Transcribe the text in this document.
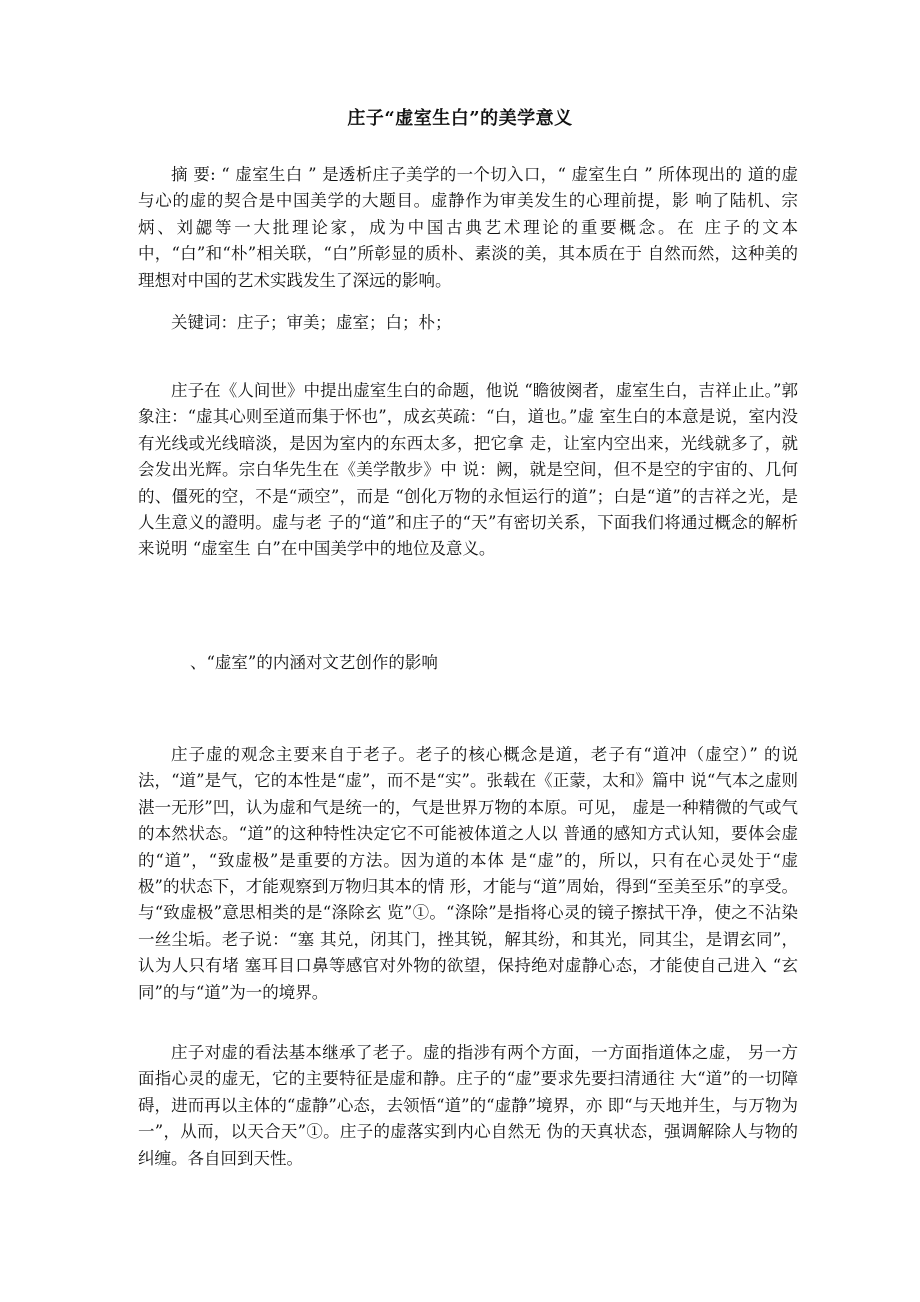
庄子“虚室生白”的美学意义

摘 要: “ 虚室生白 ” 是透析庄子美学的一个切入口，“ 虚室生白 ” 所体现出的 道的虚与心的虚的契合是中国美学的大题目。虚静作为审美发生的心理前提，影 响了陆机、宗炳、刘勰等一大批理论家，成为中国古典艺术理论的重要概念。在 庄子的文本中，“白”和“朴”相关联，“白”所彰显的质朴、素淡的美，其本质在于 自然而然，这种美的理想对中国的艺术实践发生了深远的影响。

关键词：庄子；审美；虚室；白；朴；

庄子在《人间世》中提出虚室生白的命题，他说 “瞻彼阕者，虚室生白，吉祥止止。”郭象注：“虚其心则至道而集于怀也”，成玄英疏：“白，道也。”虚 室生白的本意是说，室内没有光线或光线暗淡，是因为室内的东西太多，把它拿 走，让室内空出来，光线就多了，就会发出光辉。宗白华先生在《美学散步》中 说：阙，就是空间，但不是空的宇宙的、几何的、僵死的空，不是“顽空”，而是 “创化万物的永恒运行的道”；白是“道”的吉祥之光，是人生意义的證明。虚与老 子的“道”和庄子的“天”有密切关系，下面我们将通过概念的解析来说明 “虚室生 白”在中国美学中的地位及意义。

、“虚室”的内涵对文艺创作的影响

庄子虚的观念主要来自于老子。老子的核心概念是道，老子有“道冲（虚空）” 的说法，“道”是气，它的本性是“虚”，而不是“实”。张载在《正蒙，太和》篇中 说“气本之虚则湛一无形”凹，认为虚和气是统一的，气是世界万物的本原。可见， 虚是一种精微的气或气的本然状态。“道”的这种特性决定它不可能被体道之人以 普通的感知方式认知，要体会虚的“道”，“致虚极”是重要的方法。因为道的本体 是“虚”的，所以，只有在心灵处于“虚极”的状态下，才能观察到万物归其本的情 形，才能与“道”周始，得到“至美至乐”的享受。与“致虚极”意思相类的是“涤除玄 览”①。“涤除”是指将心灵的镜子擦拭干净，使之不沾染一丝尘垢。老子说：“塞 其兑，闭其门，挫其锐，解其纷，和其光，同其尘，是谓玄同”，认为人只有堵 塞耳目口鼻等感官对外物的欲望，保持绝对虚静心态，才能使自己进入 “玄同”的与“道”为一的境界。

庄子对虚的看法基本继承了老子。虚的指涉有两个方面，一方面指道体之虚， 另一方面指心灵的虚无，它的主要特征是虚和静。庄子的“虚”要求先要扫清通往 大“道”的一切障碍，进而再以主体的“虚静”心态，去领悟“道”的“虚静”境界，亦 即“与天地并生，与万物为一”，从而，以天合天”①。庄子的虚落实到内心自然无 伪的天真状态，强调解除人与物的纠缠。各自回到天性。
